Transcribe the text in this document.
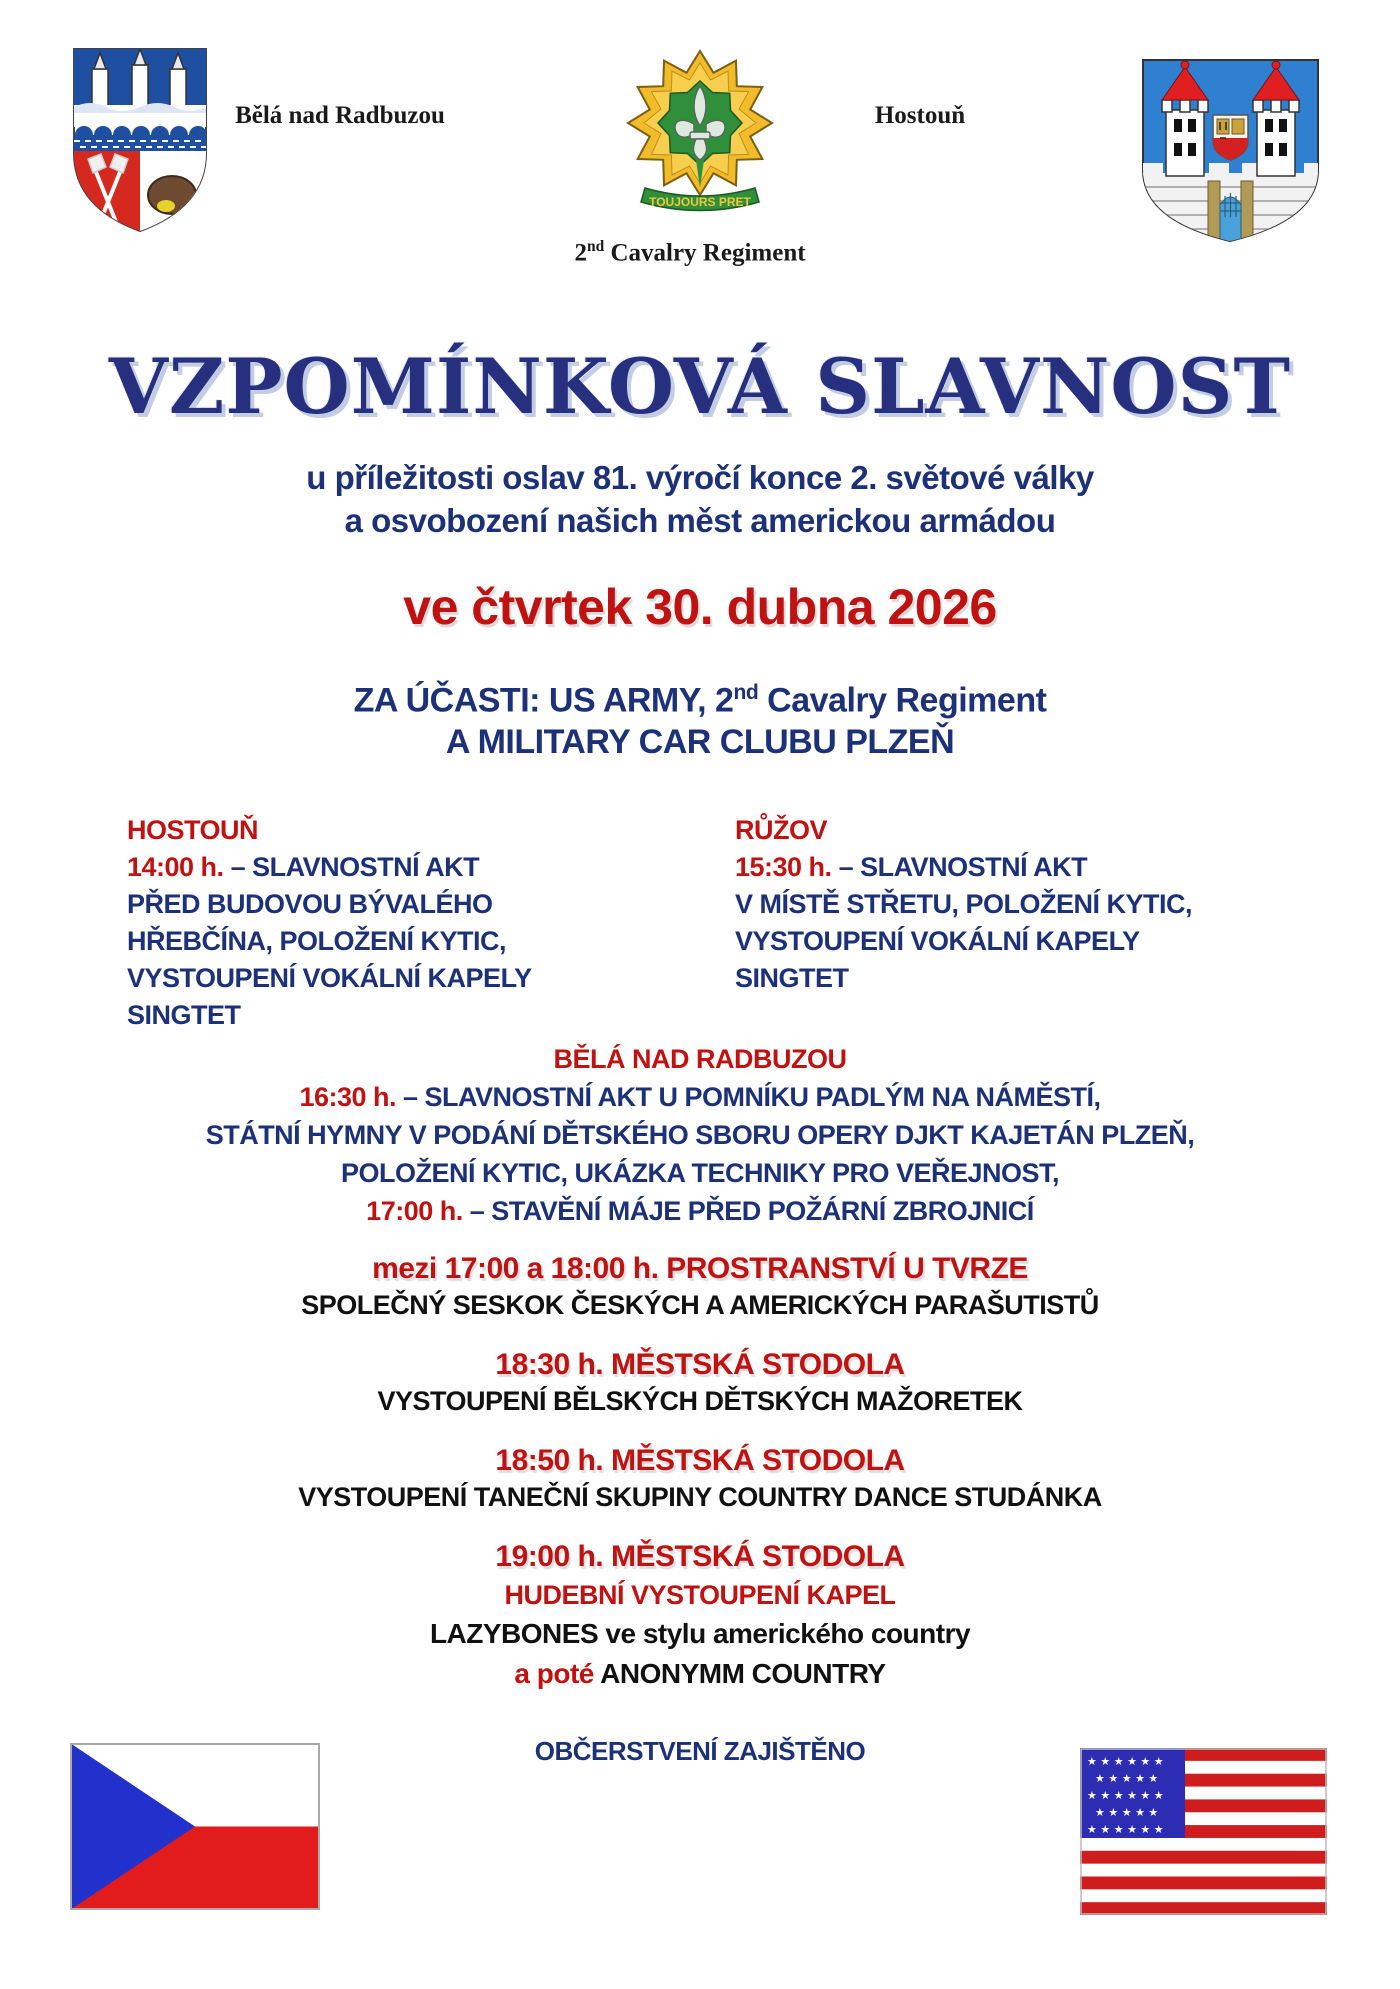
Bělá nad Radbuzou
TOUJOURS PRET
Hostouň
2nd Cavalry Regiment
VZPOMÍNKOVÁ SLAVNOST
u příležitosti oslav 81. výročí konce 2. světové války
a osvobození našich měst americkou armádou
ve čtvrtek 30. dubna 2026
ZA ÚČASTI: US ARMY, 2nd Cavalry Regiment
A MILITARY CAR CLUBU PLZEŇ
HOSTOUŇ
14:00 h. – SLAVNOSTNÍ AKT
PŘED BUDOVOU BÝVALÉHO
HŘEBČÍNA, POLOŽENÍ KYTIC,
VYSTOUPENÍ VOKÁLNÍ KAPELY
SINGTET
RŮŽOV
15:30 h. – SLAVNOSTNÍ AKT
V MÍSTĚ STŘETU, POLOŽENÍ KYTIC,
VYSTOUPENÍ VOKÁLNÍ KAPELY
SINGTET
BĚLÁ NAD RADBUZOU
16:30 h. – SLAVNOSTNÍ AKT U POMNÍKU PADLÝM NA NÁMĚSTÍ,
STÁTNÍ HYMNY V PODÁNÍ DĚTSKÉHO SBORU OPERY DJKT KAJETÁN PLZEŇ,
POLOŽENÍ KYTIC, UKÁZKA TECHNIKY PRO VEŘEJNOST,
17:00 h. – STAVĚNÍ MÁJE PŘED POŽÁRNÍ ZBROJNICÍ
mezi 17:00 a 18:00 h. PROSTRANSTVÍ U TVRZE
SPOLEČNÝ SESKOK ČESKÝCH A AMERICKÝCH PARAŠUTISTŮ
18:30 h. MĚSTSKÁ STODOLA
VYSTOUPENÍ BĚLSKÝCH DĚTSKÝCH MAŽORETEK
18:50 h. MĚSTSKÁ STODOLA
VYSTOUPENÍ TANEČNÍ SKUPINY COUNTRY DANCE STUDÁNKA
19:00 h. MĚSTSKÁ STODOLA
HUDEBNÍ VYSTOUPENÍ KAPEL
LAZYBONES ve stylu amerického country
a poté ANONYMM COUNTRY
OBČERSTVENÍ ZAJIŠTĚNO	★ ★ ★ ★ ★ ★
★ ★ ★ ★ ★
★ ★ ★ ★ ★ ★
★ ★ ★ ★ ★
★ ★ ★ ★ ★ ★
